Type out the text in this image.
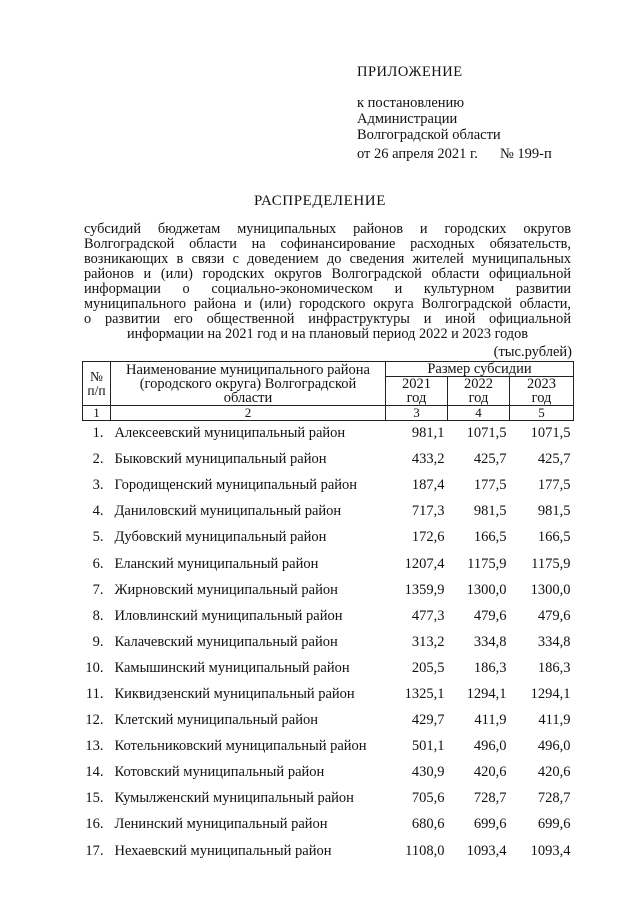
ПРИЛОЖЕНИЕ
к постановлению
Администрации
Волгоградской области
от 26 апреля 2021 г. № 199-п
РАСПРЕДЕЛЕНИЕ
субсидий бюджетам муниципальных районов и городских округов
Волгоградской области на софинансирование расходных обязательств,
возникающих в связи с доведением до сведения жителей муниципальных
районов и (или) городских округов Волгоградской области официальной
информации о социально-экономическом и культурном развитии
муниципального района и (или) городского округа Волгоградской области,
о развитии его общественной инфраструктуры и иной официальной
информации на 2021 год и на плановый период 2022 и 2023 годов
(тыс.рублей)
№ п/п	Наименование муниципального района (городского округа) Волгоградской области	Размер субсидии		
		2021 год	2022 год	2023 год
1	2	3	4	5
1.	Алексеевский муниципальный район	981,1	1071,5	1071,5
2.	Быковский муниципальный район	433,2	425,7	425,7
3.	Городищенский муниципальный район	187,4	177,5	177,5
4.	Даниловский муниципальный район	717,3	981,5	981,5
5.	Дубовский муниципальный район	172,6	166,5	166,5
6.	Еланский муниципальный район	1207,4	1175,9	1175,9
7.	Жирновский муниципальный район	1359,9	1300,0	1300,0
8.	Иловлинский муниципальный район	477,3	479,6	479,6
9.	Калачевский муниципальный район	313,2	334,8	334,8
10.	Камышинский муниципальный район	205,5	186,3	186,3
11.	Киквидзенский муниципальный район	1325,1	1294,1	1294,1
12.	Клетский муниципальный район	429,7	411,9	411,9
13.	Котельниковский муниципальный район	501,1	496,0	496,0
14.	Котовский муниципальный район	430,9	420,6	420,6
15.	Кумылженский муниципальный район	705,6	728,7	728,7
16.	Ленинский муниципальный район	680,6	699,6	699,6
17.	Нехаевский муниципальный район	1108,0	1093,4	1093,4
